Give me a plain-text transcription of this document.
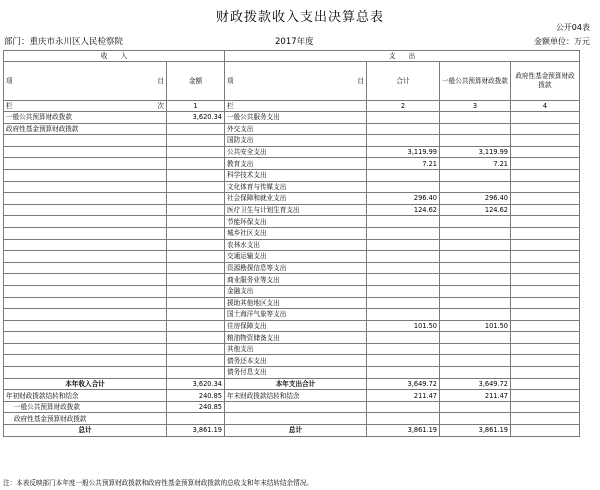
财政拨款收入支出决算总表
公开04表
部门：重庆市永川区人民检察院	2017年度	金额单位：万元
收　　入		支　　出			

项 目	金额	项 目	合计	一般公共预算财政拨款	政府性基金预算财政拨款

栏 次	1	栏	2	3	4
一般公共预算财政拨款	3,620.34	一般公共服务支出			
政府性基金预算财政拨款		外交支出			
		国防支出			
		公共安全支出	3,119.99	3,119.99	
		教育支出	7.21	7.21	
		科学技术支出			
		文化体育与传媒支出			
		社会保障和就业支出	296.40	296.40	
		医疗卫生与计划生育支出	124.62	124.62	
		节能环保支出			
		城乡社区支出			
		农林水支出			
		交通运输支出			
		资源勘探信息等支出			
		商业服务业等支出			
		金融支出			
		援助其他地区支出			
		国土海洋气象等支出			
		住房保障支出	101.50	101.50	
		粮油物资储备支出			
		其他支出			
		债务还本支出			
		债务付息支出			
本年收入合计	3,620.34	本年支出合计	3,649.72	3,649.72	
年初财政拨款结转和结余	240.85	年末财政拨款结转和结余	211.47	211.47	
一般公共预算财政拨款	240.85				
政府性基金预算财政拨款					
总计	3,861.19	总计	3,861.19	3,861.19	
注：本表反映部门本年度一般公共预算财政拨款和政府性基金预算财政拨款的总收支和年末结转结余情况。
